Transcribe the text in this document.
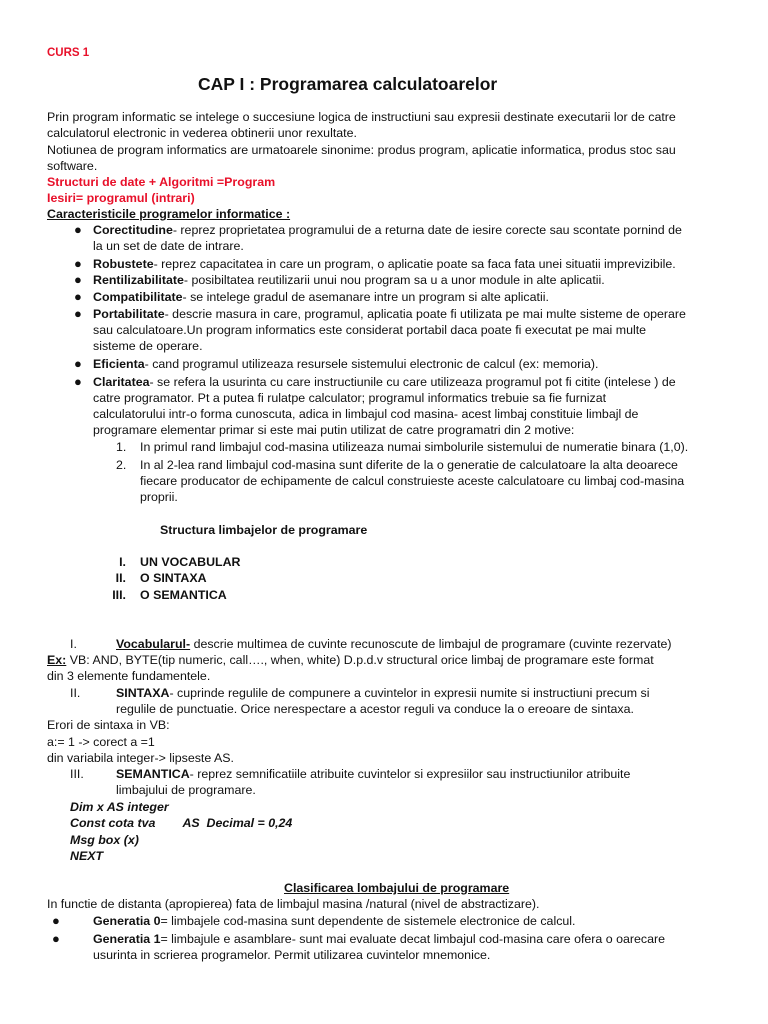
CURS 1
CAP I : Programarea calculatoarelor
Prin program informatic se intelege o succesiune logica de instructiuni sau expresii destinate executarii lor de catre
calculatorul electronic in vederea obtinerii unor rexultate.
Notiunea de program informatics are urmatoarele sinonime: produs program, aplicatie informatica, produs stoc sau
software.
Structuri de date + Algoritmi =Program
Iesiri= programul (intrari)
Caracteristicile programelor informatice :
● Corectitudine- reprez proprietatea programului de a returna date de iesire corecte sau scontate pornind de
la un set de date de intrare.
● Robustete- reprez capacitatea in care un program, o aplicatie poate sa faca fata unei situatii imprevizibile.
● Rentilizabilitate- posibiltatea reutilizarii unui nou program sa u a unor module in alte aplicatii.
● Compatibilitate- se intelege gradul de asemanare intre un program si alte aplicatii.
● Portabilitate- descrie masura in care, programul, aplicatia poate fi utilizata pe mai multe sisteme de operare
sau calculatoare.Un program informatics este considerat portabil daca poate fi executat pe mai multe
sisteme de operare.
● Eficienta- cand programul utilizeaza resursele sistemului electronic de calcul (ex: memoria).
● Claritatea- se refera la usurinta cu care instructiunile cu care utilizeaza programul pot fi citite (intelese ) de
catre programator. Pt a putea fi rulatpe calculator; programul informatics trebuie sa fie furnizat
calculatorului intr-o forma cunoscuta, adica in limbajul cod masina- acest limbaj constituie limbajl de
programare elementar primar si este mai putin utilizat de catre programatri din 2 motive:
1. In primul rand limbajul cod-masina utilizeaza numai simbolurile sistemului de numeratie binara (1,0).
2. In al 2-lea rand limbajul cod-masina sunt diferite de la o generatie de calculatoare la alta deoarece
fiecare producator de echipamente de calcul construieste aceste calculatoare cu limbaj cod-masina
proprii.
Structura limbajelor de programare
I. UN VOCABULAR
II. O SINTAXA
III. O SEMANTICA
I.	Vocabularul- descrie multimea de cuvinte recunoscute de limbajul de programare (cuvinte rezervate)
Ex: VB: AND, BYTE(tip numeric, call…., when, white) D.p.d.v structural orice limbaj de programare este format
din 3 elemente fundamentele.
II.	SINTAXA- cuprinde regulile de compunere a cuvintelor in expresii numite si instructiuni precum si
regulile de punctuatie. Orice nerespectare a acestor reguli va conduce la o ereoare de sintaxa.
Erori de sintaxa in VB:
a:= 1 -> corect a =1
din variabila integer-> lipseste AS.
III.	SEMANTICA- reprez semnificatiile atribuite cuvintelor si expresiilor sau instructiunilor atribuite
limbajului de programare.
Dim x AS integer
Const cota tva        AS  Decimal = 0,24
Msg box (x)
NEXT
Clasificarea lombajului de programare
In functie de distanta (apropierea) fata de limbajul masina /natural (nivel de abstractizare).
●	Generatia 0= limbajele cod-masina sunt dependente de sistemele electronice de calcul.
●	Generatia 1= limbajule e asamblare- sunt mai evaluate decat limbajul cod-masina care ofera o oarecare
usurinta in scrierea programelor. Permit utilizarea cuvintelor mnemonice.
